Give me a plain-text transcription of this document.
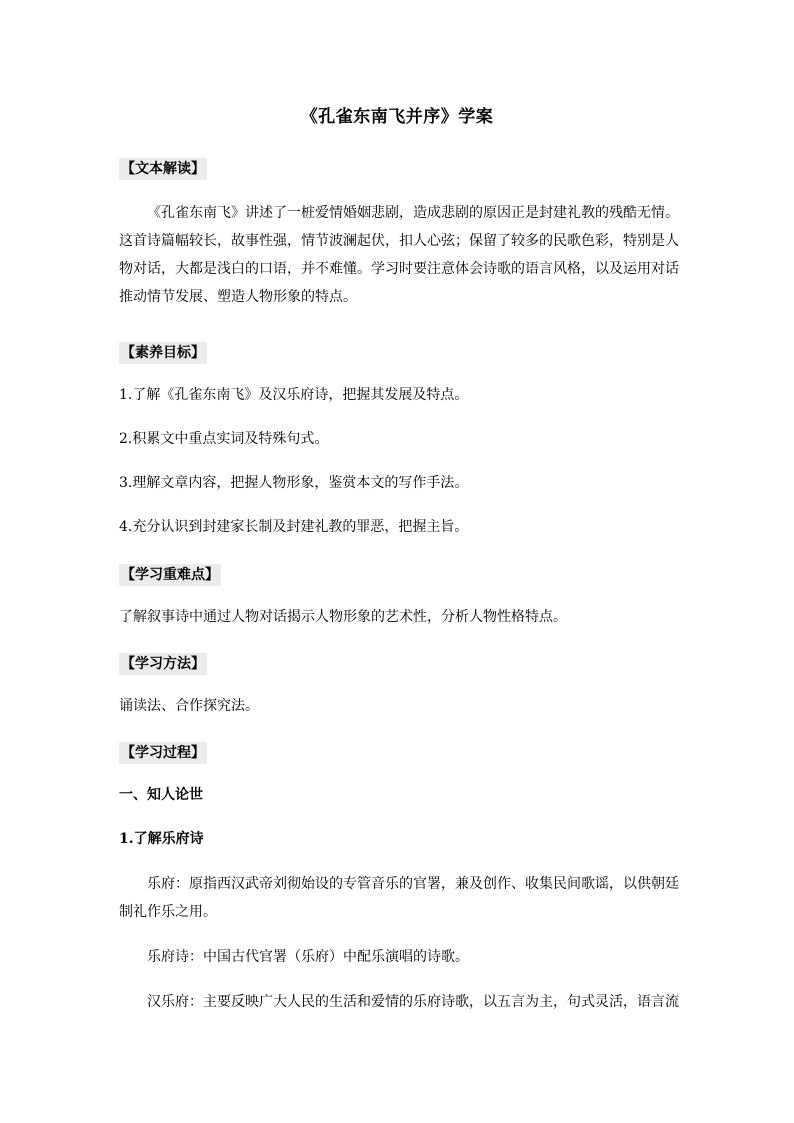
《孔雀东南飞并序》学案
【文本解读】

《孔雀东南飞》讲述了一桩爱情婚姻悲剧，造成悲剧的原因正是封建礼教的残酷无情。这首诗篇幅较长，故事性强，情节波澜起伏，扣人心弦；保留了较多的民歌色彩，特别是人物对话，大都是浅白的口语，并不难懂。学习时要注意体会诗歌的语言风格，以及运用对话推动情节发展、塑造人物形象的特点。

【素养目标】

1.了解《孔雀东南飞》及汉乐府诗，把握其发展及特点。

2.积累文中重点实词及特殊句式。

3.理解文章内容，把握人物形象，鉴赏本文的写作手法。

4.充分认识到封建家长制及封建礼教的罪恶，把握主旨。

【学习重难点】

了解叙事诗中通过人物对话揭示人物形象的艺术性，分析人物性格特点。

【学习方法】

诵读法、合作探究法。

【学习过程】

一、知人论世

1.了解乐府诗

乐府：原指西汉武帝刘彻始设的专管音乐的官署，兼及创作、收集民间歌谣，以供朝廷制礼作乐之用。

乐府诗：中国古代官署（乐府）中配乐演唱的诗歌。

汉乐府：主要反映广大人民的生活和爱情的乐府诗歌，以五言为主，句式灵活，语言流
